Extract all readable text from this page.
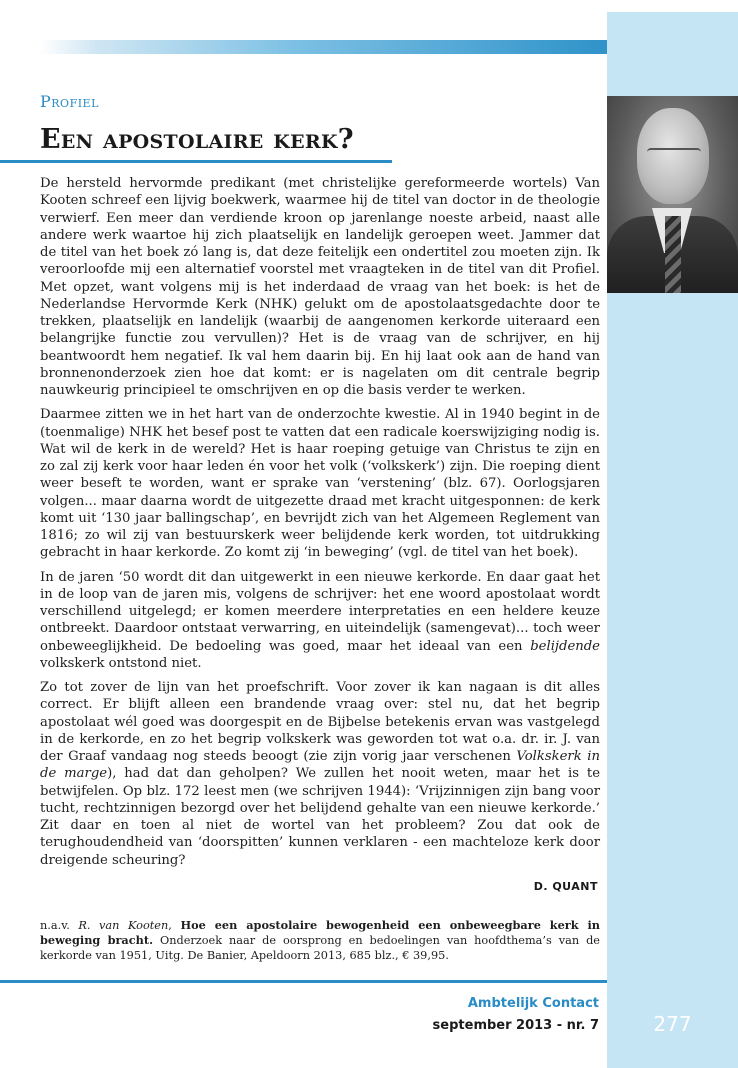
Profiel
Een apostolaire kerk?

De hersteld hervormde predikant (met christelijke gereformeerde wortels) Van Kooten schreef een lijvig boekwerk, waarmee hij de titel van doctor in de theologie verwierf. Een meer dan verdiende kroon op jarenlange noeste arbeid, naast alle andere werk waartoe hij zich plaatselijk en landelijk geroepen weet. Jammer dat de titel van het boek zó lang is, dat deze feitelijk een ondertitel zou moeten zijn. Ik veroorloofde mij een alternatief voorstel met vraagteken in de titel van dit Profiel. Met opzet, want volgens mij is het inderdaad de vraag van het boek: is het de Nederlandse Hervormde Kerk (NHK) gelukt om de apostolaatsgedachte door te trekken, plaatselijk en landelijk (waarbij de aangenomen kerkorde uiteraard een belangrijke functie zou vervullen)? Het is de vraag van de schrijver, en hij beantwoordt hem negatief. Ik val hem daarin bij. En hij laat ook aan de hand van bronnenonderzoek zien hoe dat komt: er is nagelaten om dit centrale begrip nauwkeurig principieel te omschrijven en op die basis verder te werken.

Daarmee zitten we in het hart van de onderzochte kwestie. Al in 1940 begint in de (toenmalige) NHK het besef post te vatten dat een radicale koerswijziging nodig is. Wat wil de kerk in de wereld? Het is haar roeping getuige van Christus te zijn en zo zal zij kerk voor haar leden én voor het volk (‘volkskerk’) zijn. Die roeping dient weer beseft te worden, want er sprake van ‘verstening’ (blz. 67). Oorlogsjaren volgen... maar daarna wordt de uitgezette draad met kracht uitgesponnen: de kerk komt uit ‘130 jaar ballingschap’, en bevrijdt zich van het Algemeen Reglement van 1816; zo wil zij van bestuurskerk weer belijdende kerk worden, tot uitdrukking gebracht in haar kerkorde. Zo komt zij ‘in beweging’ (vgl. de titel van het boek).

In de jaren ‘50 wordt dit dan uitgewerkt in een nieuwe kerkorde. En daar gaat het in de loop van de jaren mis, volgens de schrijver: het ene woord apostolaat wordt verschillend uitgelegd; er komen meerdere interpretaties en een heldere keuze ontbreekt. Daardoor ontstaat verwarring, en uiteindelijk (samengevat)... toch weer onbeweeglijkheid. De bedoeling was goed, maar het ideaal van een belijdende volkskerk ontstond niet.

Zo tot zover de lijn van het proefschrift. Voor zover ik kan nagaan is dit alles correct. Er blijft alleen een brandende vraag over: stel nu, dat het begrip apostolaat wél goed was doorgespit en de Bijbelse betekenis ervan was vastgelegd in de kerkorde, en zo het begrip volkskerk was geworden tot wat o.a. dr. ir. J. van der Graaf vandaag nog steeds beoogt (zie zijn vorig jaar verschenen Volkskerk in de marge), had dat dan geholpen? We zullen het nooit weten, maar het is te betwijfelen. Op blz. 172 leest men (we schrijven 1944): ‘Vrijzinnigen zijn bang voor tucht, rechtzinnigen bezorgd over het belijdend gehalte van een nieuwe kerkorde.’ Zit daar en toen al niet de wortel van het probleem? Zou dat ook de terughoudendheid van ‘doorspitten’ kunnen verklaren - een machteloze kerk door dreigende scheuring?

D. QUANT
n.a.v. R. van Kooten, Hoe een apostolaire bewogenheid een onbeweegbare kerk in beweging bracht. Onderzoek naar de oorsprong en bedoelingen van hoofdthema’s van de kerkorde van 1951, Uitg. De Banier, Apeldoorn 2013, 685 blz., € 39,95.
Ambtelijk Contact
september 2013 - nr. 7	277
